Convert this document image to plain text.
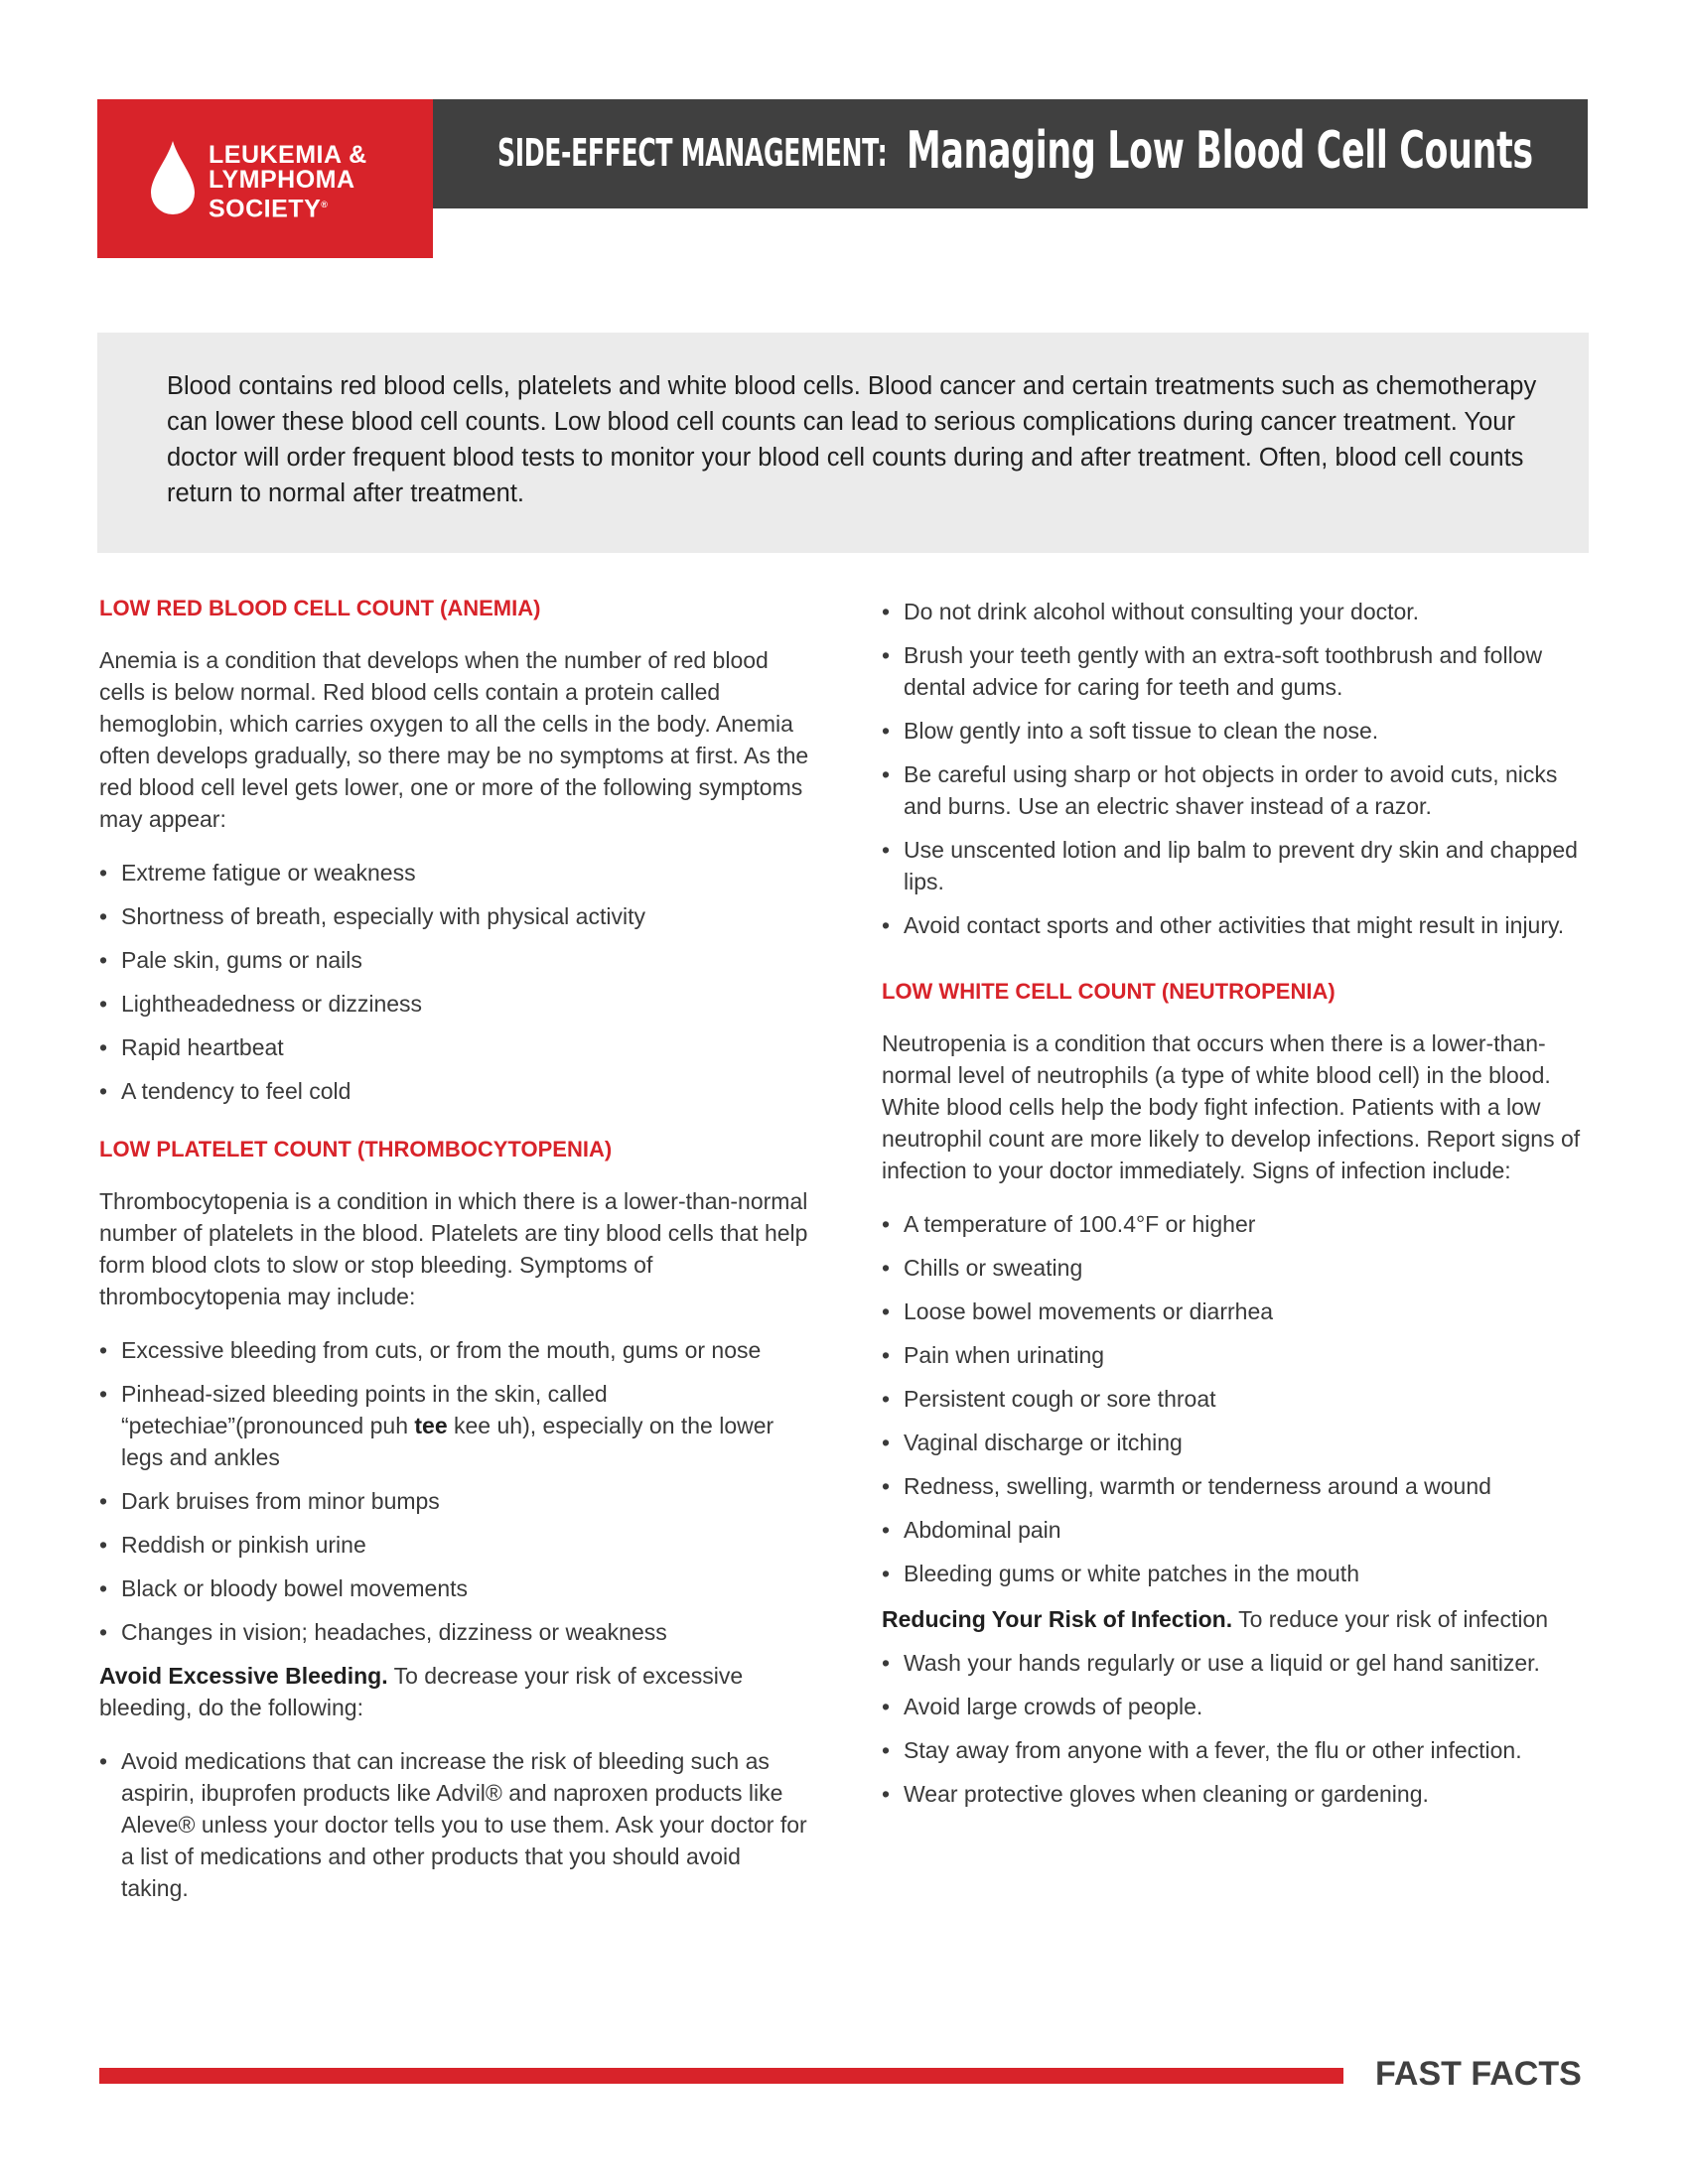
LEUKEMIA &
LYMPHOMA
SOCIETY®
SIDE-EFFECT MANAGEMENT: Managing Low Blood Cell Counts

Blood contains red blood cells, platelets and white blood cells. Blood cancer and certain treatments such as chemotherapy can lower these blood cell counts. Low blood cell counts can lead to serious complications during cancer treatment. Your doctor will order frequent blood tests to monitor your blood cell counts during and after treatment. Often, blood cell counts return to normal after treatment.

LOW RED BLOOD CELL COUNT (ANEMIA)

Anemia is a condition that develops when the number of red blood cells is below normal. Red blood cells contain a protein called hemoglobin, which carries oxygen to all the cells in the body. Anemia often develops gradually, so there may be no symptoms at first. As the red blood cell level gets lower, one or more of the following symptoms may appear:

• Extreme fatigue or weakness
• Shortness of breath, especially with physical activity
• Pale skin, gums or nails
• Lightheadedness or dizziness
• Rapid heartbeat
• A tendency to feel cold
LOW PLATELET COUNT (THROMBOCYTOPENIA)

Thrombocytopenia is a condition in which there is a lower-than-normal number of platelets in the blood. Platelets are tiny blood cells that help form blood clots to slow or stop bleeding. Symptoms of thrombocytopenia may include:

• Excessive bleeding from cuts, or from the mouth, gums or nose
• Pinhead-sized bleeding points in the skin, called “petechiae”(pronounced puh tee kee uh), especially on the lower legs and ankles
• Dark bruises from minor bumps
• Reddish or pinkish urine
• Black or bloody bowel movements
• Changes in vision; headaches, dizziness or weakness

Avoid Excessive Bleeding. To decrease your risk of excessive bleeding, do the following:

• Avoid medications that can increase the risk of bleeding such as aspirin, ibuprofen products like Advil® and naproxen products like Aleve® unless your doctor tells you to use them. Ask your doctor for a list of medications and other products that you should avoid taking.
• Do not drink alcohol without consulting your doctor.
• Brush your teeth gently with an extra-soft toothbrush and follow dental advice for caring for teeth and gums.
• Blow gently into a soft tissue to clean the nose.
• Be careful using sharp or hot objects in order to avoid cuts, nicks and burns. Use an electric shaver instead of a razor.
• Use unscented lotion and lip balm to prevent dry skin and chapped lips.
• Avoid contact sports and other activities that might result in injury.
LOW WHITE CELL COUNT (NEUTROPENIA)

Neutropenia is a condition that occurs when there is a lower-than-normal level of neutrophils (a type of white blood cell) in the blood. White blood cells help the body fight infection. Patients with a low neutrophil count are more likely to develop infections. Report signs of infection to your doctor immediately. Signs of infection include:

• A temperature of 100.4°F or higher
• Chills or sweating
• Loose bowel movements or diarrhea
• Pain when urinating
• Persistent cough or sore throat
• Vaginal discharge or itching
• Redness, swelling, warmth or tenderness around a wound
• Abdominal pain
• Bleeding gums or white patches in the mouth

Reducing Your Risk of Infection. To reduce your risk of infection

• Wash your hands regularly or use a liquid or gel hand sanitizer.
• Avoid large crowds of people.
• Stay away from anyone with a fever, the flu or other infection.
• Wear protective gloves when cleaning or gardening.
FAST FACTS
